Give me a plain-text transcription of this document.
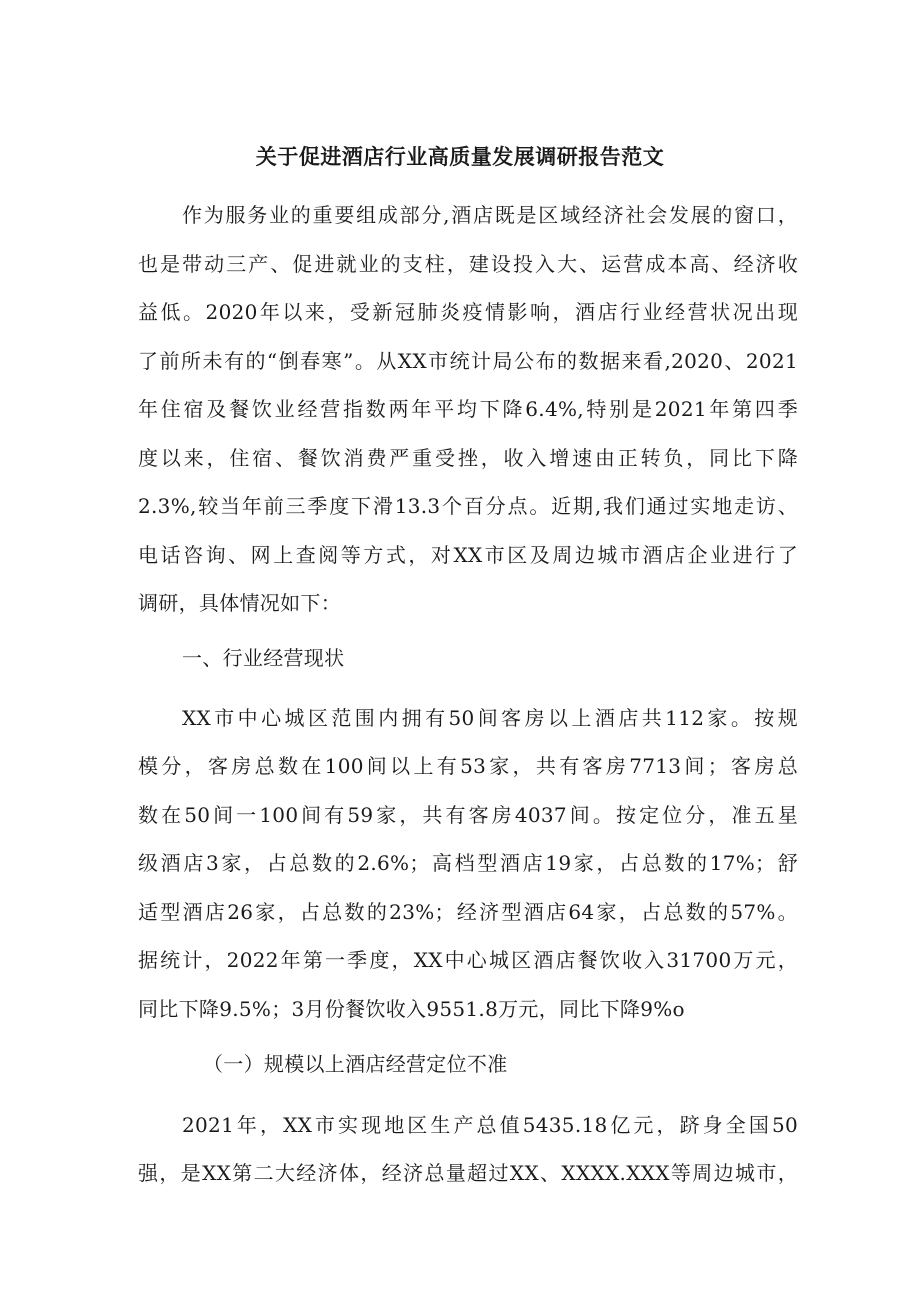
关于促进酒店行业高质量发展调研报告范文

作为服务业的重要组成部分,酒店既是区域经济社会发展的窗口，

也是带动三产、促进就业的支柱，建设投入大、运营成本高、经济收

益低。2020年以来，受新冠肺炎疫情影响，酒店行业经营状况出现

了前所未有的“倒春寒”。从XX市统计局公布的数据来看,2020、2021

年住宿及餐饮业经营指数两年平均下降6.4%,特别是2021年第四季

度以来，住宿、餐饮消费严重受挫，收入增速由正转负，同比下降

2.3%,较当年前三季度下滑13.3个百分点。近期,我们通过实地走访、

电话咨询、网上查阅等方式，对XX市区及周边城市酒店企业进行了

调研，具体情况如下：

一、行业经营现状

XX市中心城区范围内拥有50间客房以上酒店共112家。按规

模分，客房总数在100间以上有53家，共有客房7713间；客房总

数在50间一100间有59家，共有客房4037间。按定位分，准五星

级酒店3家，占总数的2.6%；高档型酒店19家，占总数的17%；舒

适型酒店26家，占总数的23%；经济型酒店64家，占总数的57%。

据统计，2022年第一季度，XX中心城区酒店餐饮收入31700万元，

同比下降9.5%；3月份餐饮收入9551.8万元，同比下降9%o

（一）规模以上酒店经营定位不准

2021年，XX市实现地区生产总值5435.18亿元，跻身全国50

强，是XX第二大经济体，经济总量超过XX、XXXX.XXX等周边城市，
